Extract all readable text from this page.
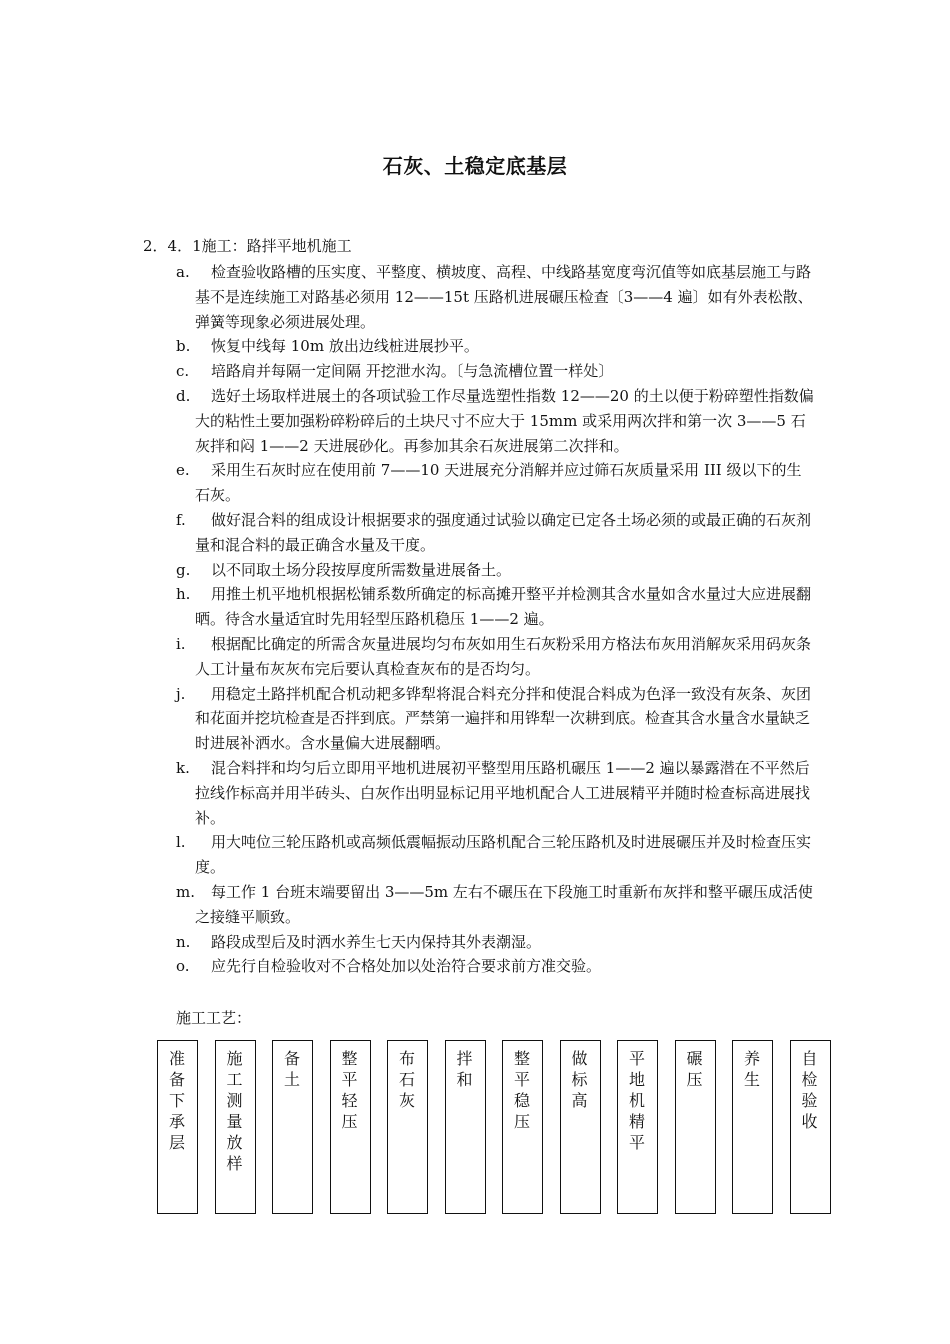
石灰、土稳定底基层
2．4．1施工：路拌平地机施工
a.	检查验收路槽的压实度、平整度、横坡度、高程、中线路基宽度弯沉值等如底基层施工与路基不是连续施工对路基必须用 12——15t 压路机进展碾压检查〔3——4 遍〕如有外表松散、弹簧等现象必须进展处理。
b.	恢复中线每 10m 放出边线桩进展抄平。
c.	培路肩并每隔一定间隔 开挖泄水沟。〔与急流槽位置一样处〕
d.	选好土场取样进展土的各项试验工作尽量选塑性指数 12——20 的土以便于粉碎塑性指数偏大的粘性土要加强粉碎粉碎后的土块尺寸不应大于 15mm 或采用两次拌和第一次 3——5 石灰拌和闷 1——2 天进展砂化。再参加其余石灰进展第二次拌和。
e.	采用生石灰时应在使用前 7——10 天进展充分消解并应过筛石灰质量采用 III 级以下的生石灰。
f.	做好混合料的组成设计根据要求的强度通过试验以确定已定各土场必须的或最正确的石灰剂量和混合料的最正确含水量及干度。
g.	以不同取土场分段按厚度所需数量进展备土。
h.	用推土机平地机根据松铺系数所确定的标高摊开整平并检测其含水量如含水量过大应进展翻晒。待含水量适宜时先用轻型压路机稳压 1——2 遍。
i.	根据配比确定的所需含灰量进展均匀布灰如用生石灰粉采用方格法布灰用消解灰采用码灰条人工计量布灰灰布完后要认真检查灰布的是否均匀。
j.	用稳定土路拌机配合机动耙多铧犁将混合料充分拌和使混合料成为色泽一致没有灰条、灰团和花面并挖坑检查是否拌到底。严禁第一遍拌和用铧犁一次耕到底。检查其含水量含水量缺乏时进展补洒水。含水量偏大进展翻晒。
k.	混合料拌和均匀后立即用平地机进展初平整型用压路机碾压 1——2 遍以暴露潜在不平然后拉线作标高并用半砖头、白灰作出明显标记用平地机配合人工进展精平并随时检查标高进展找补。
l.	用大吨位三轮压路机或高频低震幅振动压路机配合三轮压路机及时进展碾压并及时检查压实度。
m.	每工作 1 台班末端要留出 3——5m 左右不碾压在下段施工时重新布灰拌和整平碾压成活使之接缝平顺致。
n.	路段成型后及时洒水养生七天内保持其外表潮湿。
o.	应先行自检验收对不合格处加以处治符合要求前方准交验。
施工工艺：
准
备
下
承
层
施
工
测
量
放
样
备
土
整
平
轻
压
布
石
灰
拌
和
整
平
稳
压
做
标
高
平
地
机
精
平
碾
压
养
生
自
检
验
收
